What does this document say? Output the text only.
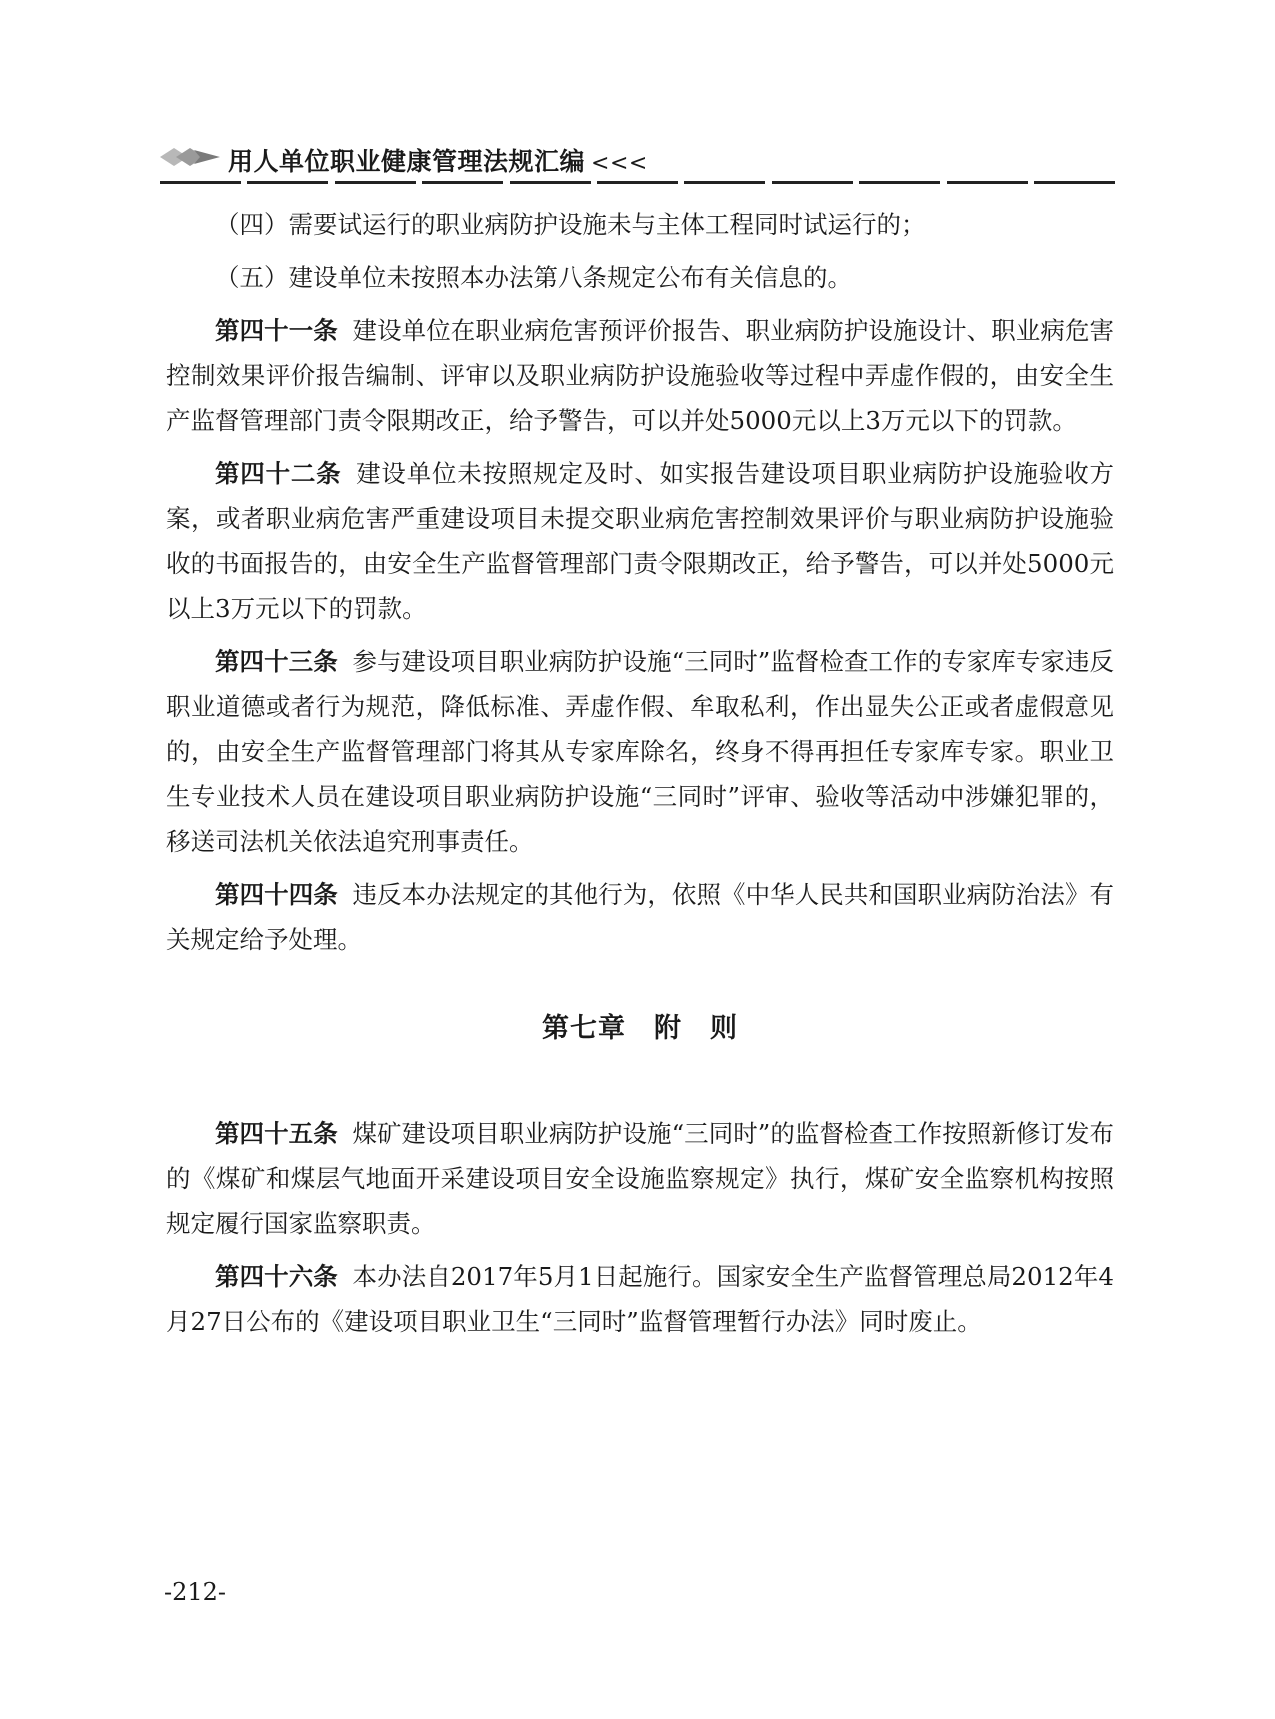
用人单位职业健康管理法规汇编 <<<

（四）需要试运行的职业病防护设施未与主体工程同时试运行的；

（五）建设单位未按照本办法第八条规定公布有关信息的。

第四十一条 建设单位在职业病危害预评价报告、职业病防护设施设计、职业病危害控制效果评价报告编制、评审以及职业病防护设施验收等过程中弄虚作假的，由安全生产监督管理部门责令限期改正，给予警告，可以并处5000元以上3万元以下的罚款。

第四十二条 建设单位未按照规定及时、如实报告建设项目职业病防护设施验收方案，或者职业病危害严重建设项目未提交职业病危害控制效果评价与职业病防护设施验收的书面报告的，由安全生产监督管理部门责令限期改正，给予警告，可以并处5000元以上3万元以下的罚款。

第四十三条 参与建设项目职业病防护设施“三同时”监督检查工作的专家库专家违反职业道德或者行为规范，降低标准、弄虚作假、牟取私利，作出显失公正或者虚假意见的，由安全生产监督管理部门将其从专家库除名，终身不得再担任专家库专家。职业卫生专业技术人员在建设项目职业病防护设施“三同时”评审、验收等活动中涉嫌犯罪的，移送司法机关依法追究刑事责任。

第四十四条 违反本办法规定的其他行为，依照《中华人民共和国职业病防治法》有关规定给予处理。

第七章　附　则

第四十五条 煤矿建设项目职业病防护设施“三同时”的监督检查工作按照新修订发布的《煤矿和煤层气地面开采建设项目安全设施监察规定》执行，煤矿安全监察机构按照规定履行国家监察职责。

第四十六条 本办法自2017年5月1日起施行。国家安全生产监督管理总局2012年4月27日公布的《建设项目职业卫生“三同时”监督管理暂行办法》同时废止。

-212-
